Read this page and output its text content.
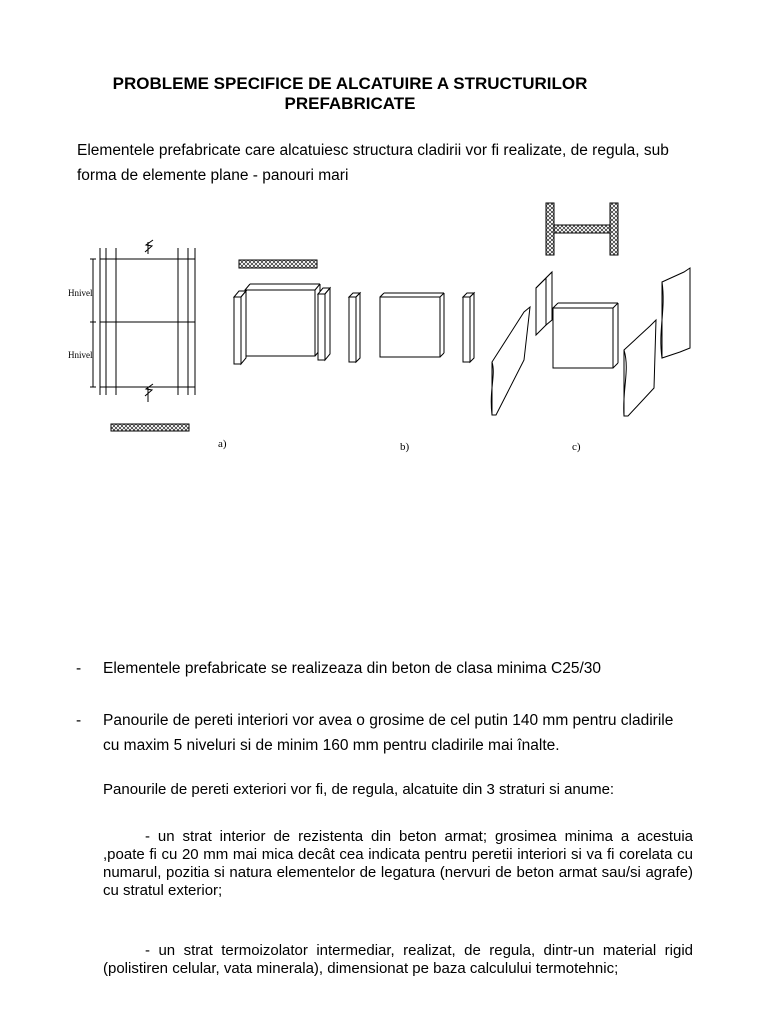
PROBLEME SPECIFICE DE ALCATUIRE A STRUCTURILOR
PREFABRICATE
Elementele prefabricate care alcatuiesc structura cladirii vor fi realizate, de regula, sub forma de elemente plane - panouri mari
Hnivel
Hnivel
a)	b)	c)
- Elementele prefabricate se realizeaza din beton de clasa minima C25/30
- Panourile de pereti interiori vor avea o grosime de cel putin 140 mm pentru cladirile cu maxim 5 niveluri si de minim 160 mm pentru cladirile mai înalte.
Panourile de pereti exteriori vor fi, de regula, alcatuite din 3 straturi si anume:
- un strat interior de rezistenta din beton armat; grosimea minima a acestuia ,poate fi cu 20 mm mai mica decât cea indicata pentru peretii interiori si va fi corelata cu numarul, pozitia si natura elementelor de legatura (nervuri de beton armat sau/si agrafe) cu stratul exterior;
- un strat termoizolator intermediar, realizat, de regula, dintr-un material rigid (polistiren celular, vata minerala), dimensionat pe baza calculului termotehnic;
